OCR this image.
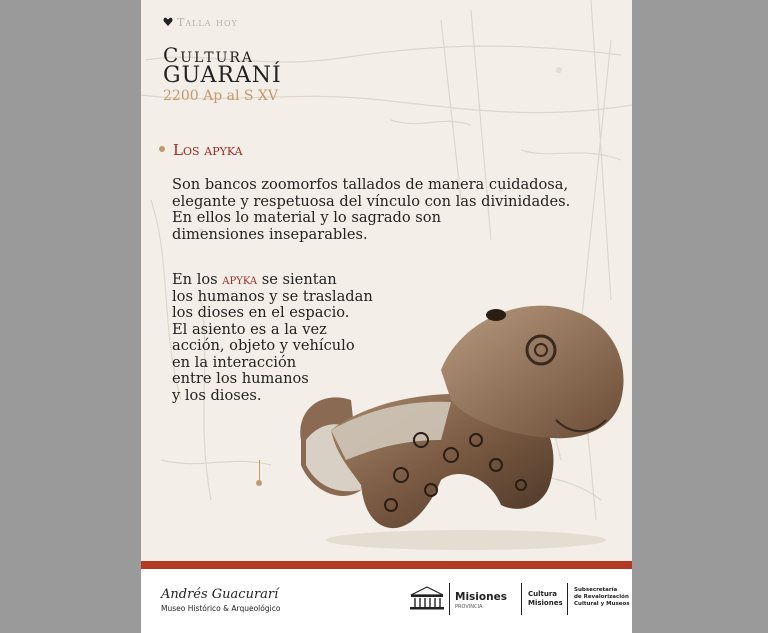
Talla hoy
Cultura
GUARANÍ
2200 Ap al S XV
Los apyka

Son bancos zoomorfos tallados de manera cuidadosa,
elegante y respetuosa del vínculo con las divinidades.
En ellos lo material y lo sagrado son
dimensiones inseparables.

En los apyka se sientan
los humanos y se trasladan
los dioses en el espacio.
El asiento es a la vez
acción, objeto y vehículo
en la interacción
entre los humanos
y los dioses.

Andrés Guacurarí
Museo Histórico & Arqueológico
Misiones
PROVINCIA
Cultura
Misiones
Subsecretaría
de Revalorización
Cultural y Museos
